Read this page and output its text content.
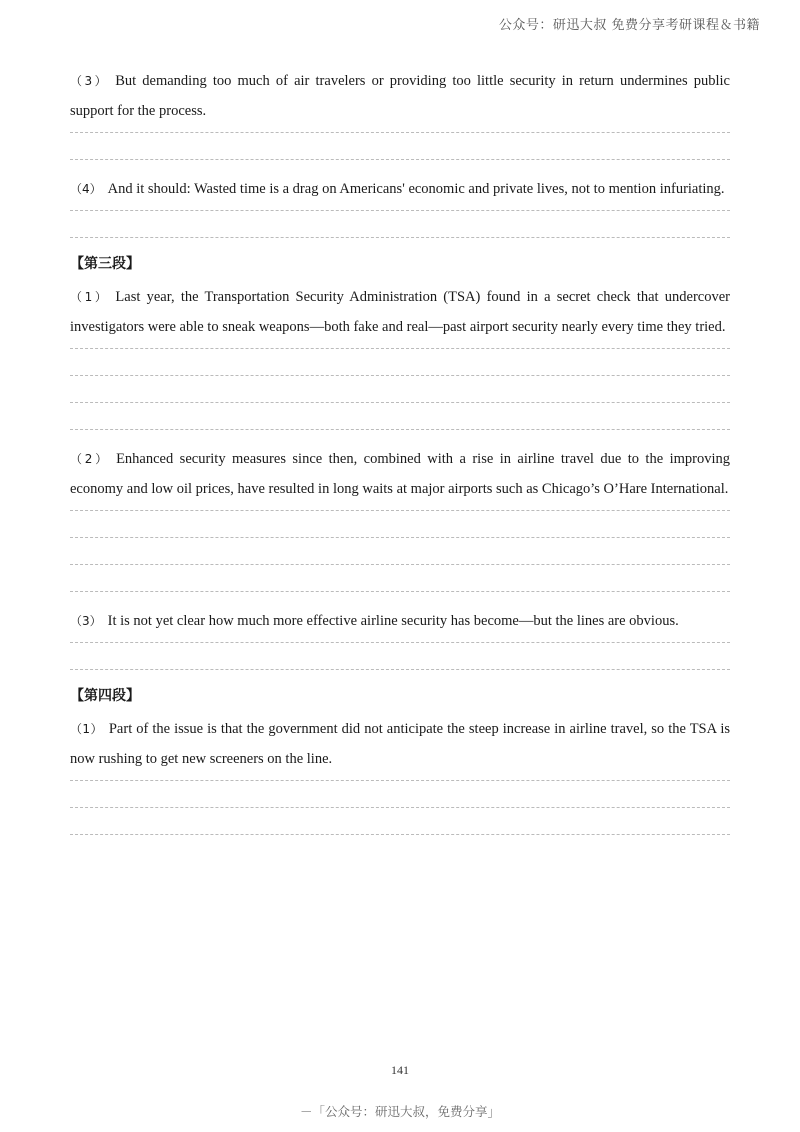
公众号：研迅大叔 免费分享考研课程＆书籍

（3） But demanding too much of air travelers or providing too little security in return undermines public support for the process.

（4） And it should: Wasted time is a drag on Americans' economic and private lives, not to mention infuriating.

【第三段】

（1） Last year, the Transportation Security Administration (TSA) found in a secret check that undercover investigators were able to sneak weapons—both fake and real—past airport security nearly every time they tried.

（2） Enhanced security measures since then, combined with a rise in airline travel due to the improving economy and low oil prices, have resulted in long waits at major airports such as Chicago’s O’Hare International.

（3） It is not yet clear how much more effective airline security has become—but the lines are obvious.

【第四段】

（1） Part of the issue is that the government did not anticipate the steep increase in airline travel, so the TSA is now rushing to get new screeners on the line.

141
－「公众号：研迅大叔，免费分享」
